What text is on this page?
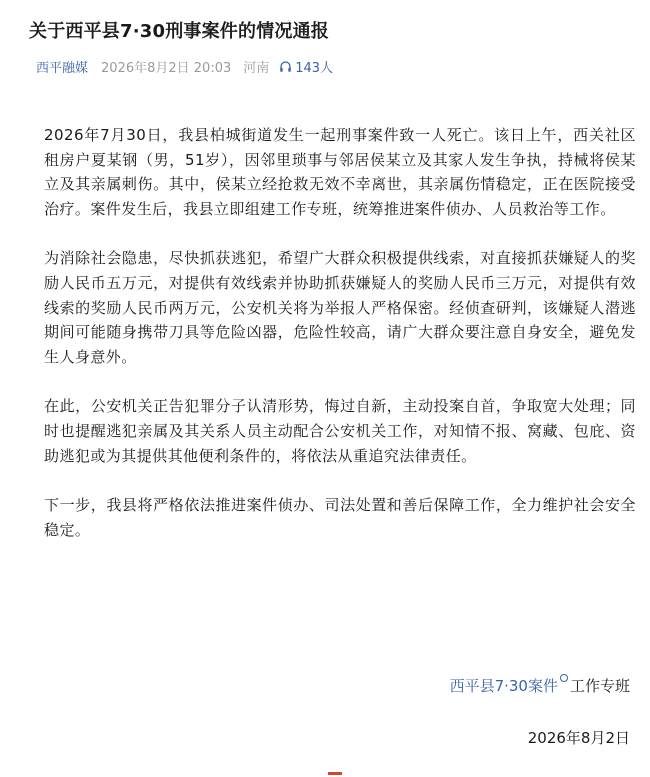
关于西平县7·30刑事案件的情况通报
西平融媒 2026年8月2日 20:03 河南 143人

2026年7月30日，我县柏城街道发生一起刑事案件致一人死亡。该日上午，西关社区租房户夏某钢（男，51岁），因邻里琐事与邻居侯某立及其家人发生争执，持械将侯某立及其亲属刺伤。其中，侯某立经抢救无效不幸离世，其亲属伤情稳定，正在医院接受治疗。案件发生后，我县立即组建工作专班，统筹推进案件侦办、人员救治等工作。

为消除社会隐患，尽快抓获逃犯，希望广大群众积极提供线索，对直接抓获嫌疑人的奖励人民币五万元，对提供有效线索并协助抓获嫌疑人的奖励人民币三万元，对提供有效线索的奖励人民币两万元，公安机关将为举报人严格保密。经侦查研判，该嫌疑人潜逃期间可能随身携带刀具等危险凶器，危险性较高，请广大群众要注意自身安全，避免发生人身意外。

在此，公安机关正告犯罪分子认清形势，悔过自新，主动投案自首，争取宽大处理；同时也提醒逃犯亲属及其关系人员主动配合公安机关工作，对知情不报、窝藏、包庇、资助逃犯或为其提供其他便利条件的，将依法从重追究法律责任。

下一步，我县将严格依法推进案件侦办、司法处置和善后保障工作，全力维护社会安全稳定。

西平县7·30案件 工作专班
2026年8月2日
